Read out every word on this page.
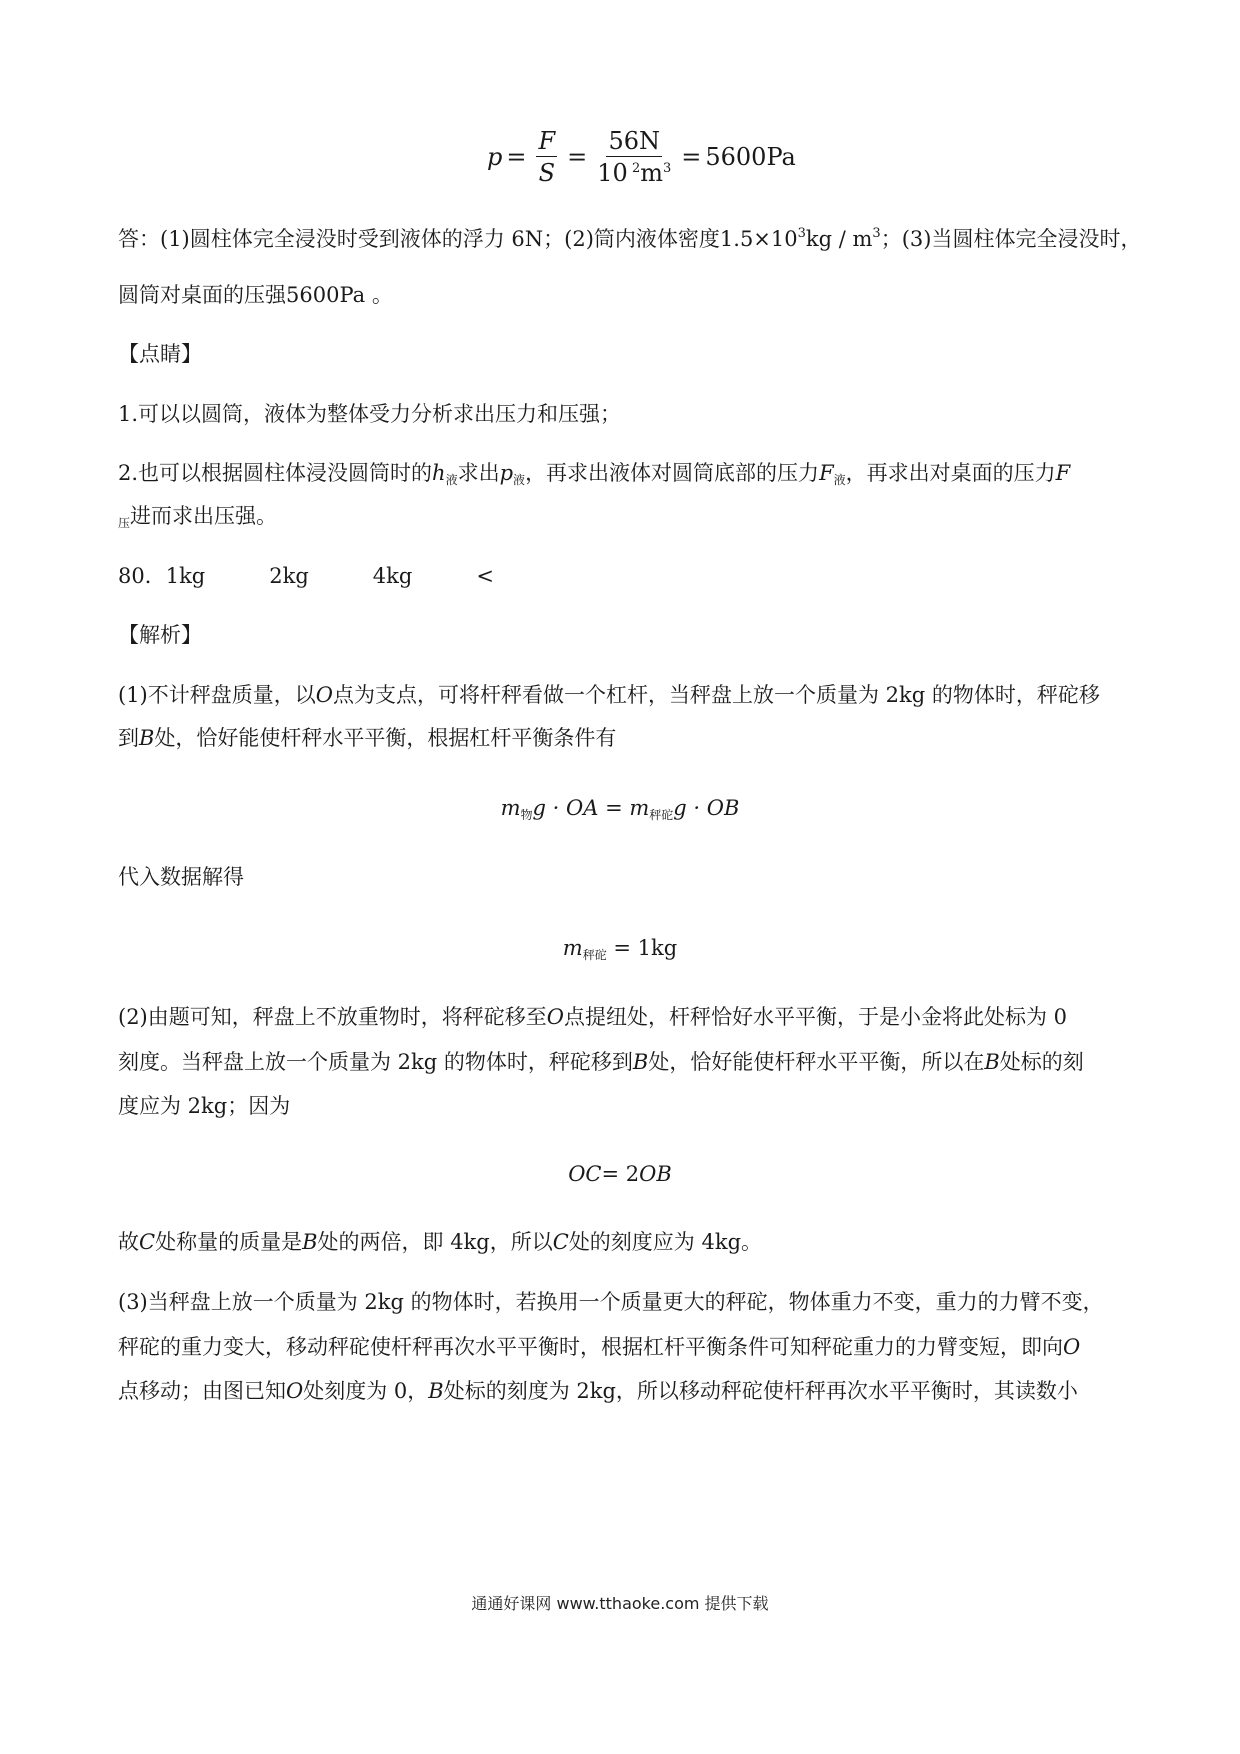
$p = \frac{F}{S} = \frac{56N}{10 ^2m^3} = 5600Pa$
答：(1)圆柱体完全浸没时受到液体的浮力 6N；(2)筒内液体密度$1.5\times 10^3kg / m^3$；(3)当圆柱体完全浸没时，
圆筒对桌面的压强5600Pa 。
【点睛】
1.可以以圆筒，液体为整体受力分析求出压力和压强；
2.也可以根据圆柱体浸没圆筒时的$h_液$求出$p_液$，再求出液体对圆筒底部的压力$F_液$，再求出对桌面的压力F
$_压$进而求出压强。
80．1kg	2kg	4kg	<
【解析】
(1)不计秤盘质量，以O点为支点，可将杆秤看做一个杠杆，当秤盘上放一个质量为 2kg 的物体时，秤砣移
到B处，恰好能使杆秤水平平衡，根据杠杆平衡条件有
$m_物g$ · OA = $m_{秤砣}g$ · OB
代入数据解得
$m_{秤砣} = 1kg$
(2)由题可知，秤盘上不放重物时，将秤砣移至O点提纽处，杆秤恰好水平平衡，于是小金将此处标为 0
刻度。当秤盘上放一个质量为 2kg 的物体时，秤砣移到B处，恰好能使杆秤水平平衡，所以在B处标的刻
度应为 2kg；因为
OC= 2OB
故C处称量的质量是B处的两倍，即 4kg，所以C处的刻度应为 4kg。
(3)当秤盘上放一个质量为 2kg 的物体时，若换用一个质量更大的秤砣，物体重力不变，重力的力臂不变，
秤砣的重力变大，移动秤砣使杆秤再次水平平衡时，根据杠杆平衡条件可知秤砣重力的力臂变短，即向O
点移动；由图已知O处刻度为 0，B处标的刻度为 2kg，所以移动秤砣使杆秤再次水平平衡时，其读数小
通通好课网 www.tthaoke.com 提供下载
